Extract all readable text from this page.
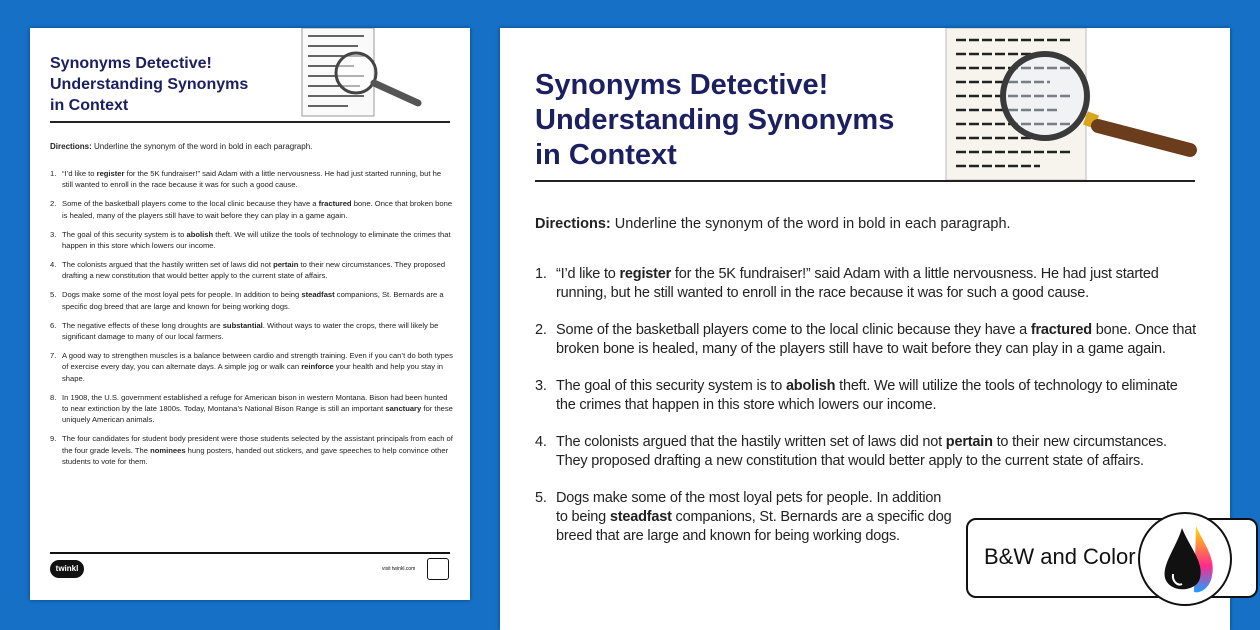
Synonyms Detective!
Understanding Synonyms
in Context
Directions: Underline the synonym of the word in bold in each paragraph.
1. “I’d like to register for the 5K fundraiser!” said Adam with a little nervousness. He had just started running, but he still wanted to enroll in the race because it was for such a good cause.
2. Some of the basketball players come to the local clinic because they have a fractured bone. Once that broken bone is healed, many of the players still have to wait before they can play in a game again.
3. The goal of this security system is to abolish theft. We will utilize the tools of technology to eliminate the crimes that happen in this store which lowers our income.
4. The colonists argued that the hastily written set of laws did not pertain to their new circumstances. They proposed drafting a new constitution that would better apply to the current state of affairs.
5. Dogs make some of the most loyal pets for people. In addition to being steadfast companions, St. Bernards are a specific dog breed that are large and known for being working dogs.
6. The negative effects of these long droughts are substantial. Without ways to water the crops, there will likely be significant damage to many of our local farmers.
7. A good way to strengthen muscles is a balance between cardio and strength training. Even if you can’t do both types of exercise every day, you can alternate days. A simple jog or walk can reinforce your health and help you stay in shape.
8. In 1908, the U.S. government established a refuge for American bison in western Montana. Bison had been hunted to near extinction by the late 1800s. Today, Montana’s National Bison Range is still an important sanctuary for these uniquely American animals.
9. The four candidates for student body president were those students selected by the assistant principals from each of the four grade levels. The nominees hung posters, handed out stickers, and gave speeches to help convince other students to vote for them.
twinkl	visit twinkl.com
Synonyms Detective!
Understanding Synonyms
in Context
Directions: Underline the synonym of the word in bold in each paragraph.
1. “I’d like to register for the 5K fundraiser!” said Adam with a little nervousness. He had just started running, but he still wanted to enroll in the race because it was for such a good cause.
2. Some of the basketball players come to the local clinic because they have a fractured bone. Once that broken bone is healed, many of the players still have to wait before they can play in a game again.
3. The goal of this security system is to abolish theft. We will utilize the tools of technology to eliminate the crimes that happen in this store which lowers our income.
4. The colonists argued that the hastily written set of laws did not pertain to their new circumstances. They proposed drafting a new constitution that would better apply to the current state of affairs.
5. Dogs make some of the most loyal pets for people. In addition to being steadfast companions, St. Bernards are a specific dog breed that are large and known for being working dogs.
B&W and Color
